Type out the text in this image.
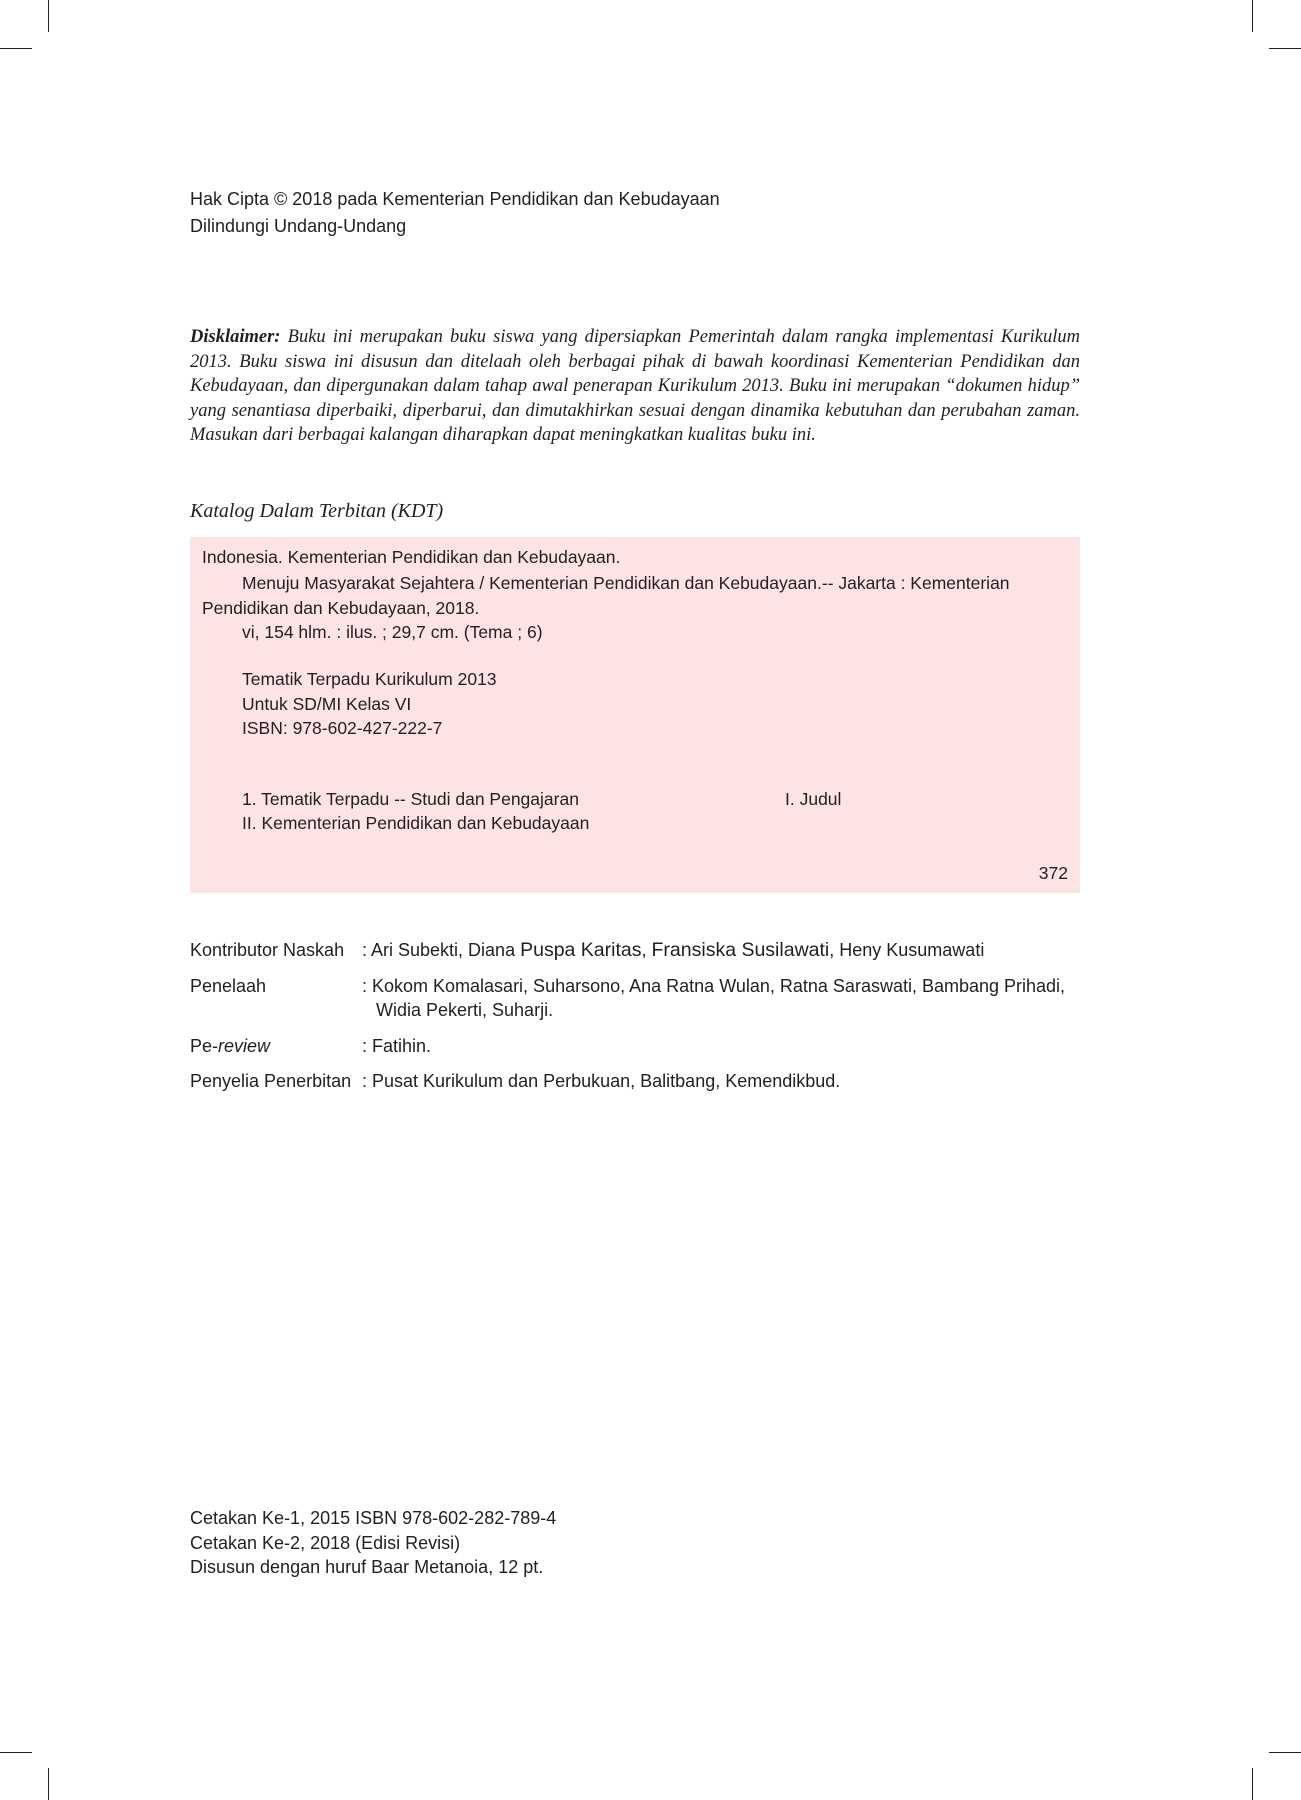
Hak Cipta © 2018 pada Kementerian Pendidikan dan Kebudayaan
Dilindungi Undang-Undang
Disklaimer: Buku ini merupakan buku siswa yang dipersiapkan Pemerintah dalam rangka implementasi Kurikulum 2013. Buku siswa ini disusun dan ditelaah oleh berbagai pihak di bawah koordinasi Kementerian Pendidikan dan Kebudayaan, dan dipergunakan dalam tahap awal penerapan Kurikulum 2013. Buku ini merupakan “dokumen hidup” yang senantiasa diperbaiki, diperbarui, dan dimutakhirkan sesuai dengan dinamika kebutuhan dan perubahan zaman. Masukan dari berbagai kalangan diharapkan dapat meningkatkan kualitas buku ini.
Katalog Dalam Terbitan (KDT)
Indonesia. Kementerian Pendidikan dan Kebudayaan.
Menuju Masyarakat Sejahtera / Kementerian Pendidikan dan Kebudayaan.-- Jakarta : Kementerian Pendidikan dan Kebudayaan, 2018.
vi, 154 hlm. : ilus. ; 29,7 cm. (Tema ; 6)
Tematik Terpadu Kurikulum 2013
Untuk SD/MI Kelas VI
ISBN: 978-602-427-222-7
1. Tematik Terpadu -- Studi dan Pengajaran	I. Judul
II. Kementerian Pendidikan dan Kebudayaan
372
Kontributor Naskah : Ari Subekti, Diana Puspa Karitas, Fransiska Susilawati, Heny Kusumawati
Penelaah	: Kokom Komalasari, Suharsono, Ana Ratna Wulan, Ratna Saraswati, Bambang Prihadi, Widia Pekerti, Suharji.
Pe-review	: Fatihin.
Penyelia Penerbitan : Pusat Kurikulum dan Perbukuan, Balitbang, Kemendikbud.
Cetakan Ke-1, 2015 ISBN 978-602-282-789-4
Cetakan Ke-2, 2018 (Edisi Revisi)
Disusun dengan huruf Baar Metanoia, 12 pt.
